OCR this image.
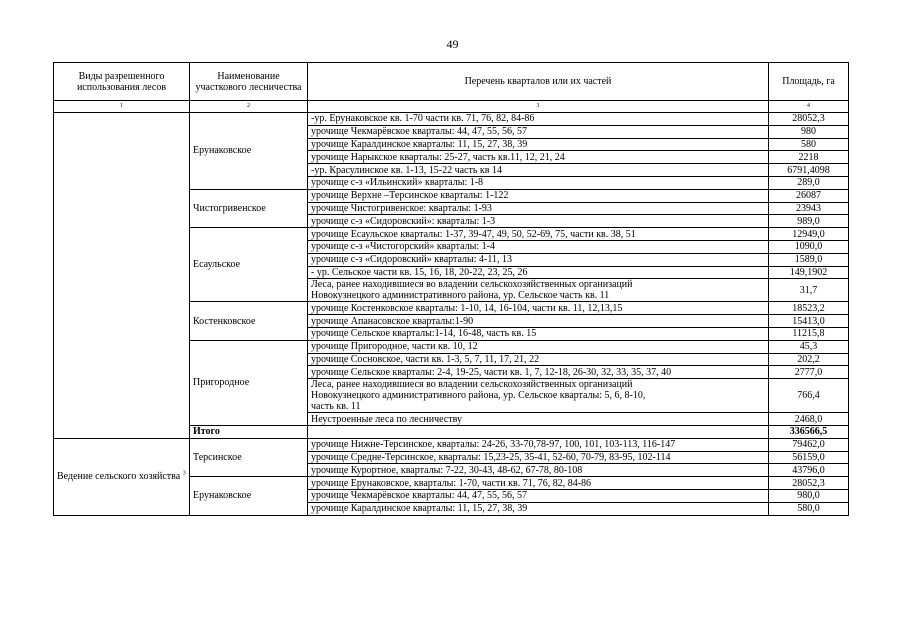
49
Виды разрешенного использования лесов	Наименование участкового лесничества	Перечень кварталов или их частей	Площадь, га
1	2	3	4
	Ерунаковское	-ур. Ерунаковское кв. 1-70 части кв. 71, 76, 82, 84-86	28052,3
		урочище Чекмарёвское кварталы: 44, 47, 55, 56, 57	980
		урочище Каралдинское кварталы: 11, 15, 27, 38, 39	580
		урочище Нарыкское кварталы: 25-27, часть кв.11, 12, 21, 24	2218
		-ур. Красулинское кв. 1-13, 15-22 часть кв 14	6791,4098
		урочище с-з «Ильинский» кварталы: 1-8	289,0
	Чистогривенское	урочище Верхне –Терсинское кварталы: 1-122	26087
		урочище Чистогривенское: кварталы: 1-93	23943
		урочище с-з «Сидоровский»: кварталы: 1-3	989,0
	Есаульское	урочище Есаульское кварталы: 1-37, 39-47, 49, 50, 52-69, 75, части кв. 38, 51	12949,0
		урочище с-з «Чистогорский» кварталы: 1-4	1090,0
		урочище с-з «Сидоровский» кварталы: 4-11, 13	1589,0
		- ур. Сельское части кв. 15, 16, 18, 20-22, 23, 25, 26	149,1902
		Леса, ранее находившиеся во владении сельскохозяйственных организаций
Новокузнецкого административного района, ур. Сельское часть кв. 11	31,7
	Костенковское	урочище Костенковское кварталы: 1-10, 14, 16-104, части кв. 11, 12,13,15	18523,2
		урочище Апанасовское кварталы:1-90	15413,0
		урочище Сельское кварталы:1-14, 16-48, часть кв. 15	11215,8
	Пригородное	урочище Пригородное, части кв. 10, 12	45,3
		урочище Сосновское, части кв. 1-3, 5, 7, 11, 17, 21, 22	202,2
		урочище Сельское кварталы: 2-4, 19-25, части кв. 1, 7, 12-18, 26-30, 32, 33, 35, 37, 40	2777,0
		Леса, ранее находившиеся во владении сельскохозяйственных организаций
Новокузнецкого административного района, ур. Сельское кварталы: 5, 6, 8-10,
часть кв. 11	766,4
		Неустроенные леса по лесничеству	2468,0
	Итого		336566,5
Ведение сельского хозяйства $^3$	Терсинское	урочище Нижне-Терсинское, кварталы: 24-26, 33-70,78-97, 100, 101, 103-113, 116-147	79462,0
		урочище Средне-Терсинское, кварталы: 15,23-25, 35-41, 52-60, 70-79, 83-95, 102-114	56159,0
		урочище Курортное, кварталы: 7-22, 30-43, 48-62, 67-78, 80-108	43796,0
	Ерунаковское	урочище Ерунаковское, кварталы: 1-70, части кв. 71, 76, 82, 84-86	28052,3
		урочище Чекмарёвское кварталы: 44, 47, 55, 56, 57	980,0
		урочище Каралдинское кварталы: 11, 15, 27, 38, 39	580,0
